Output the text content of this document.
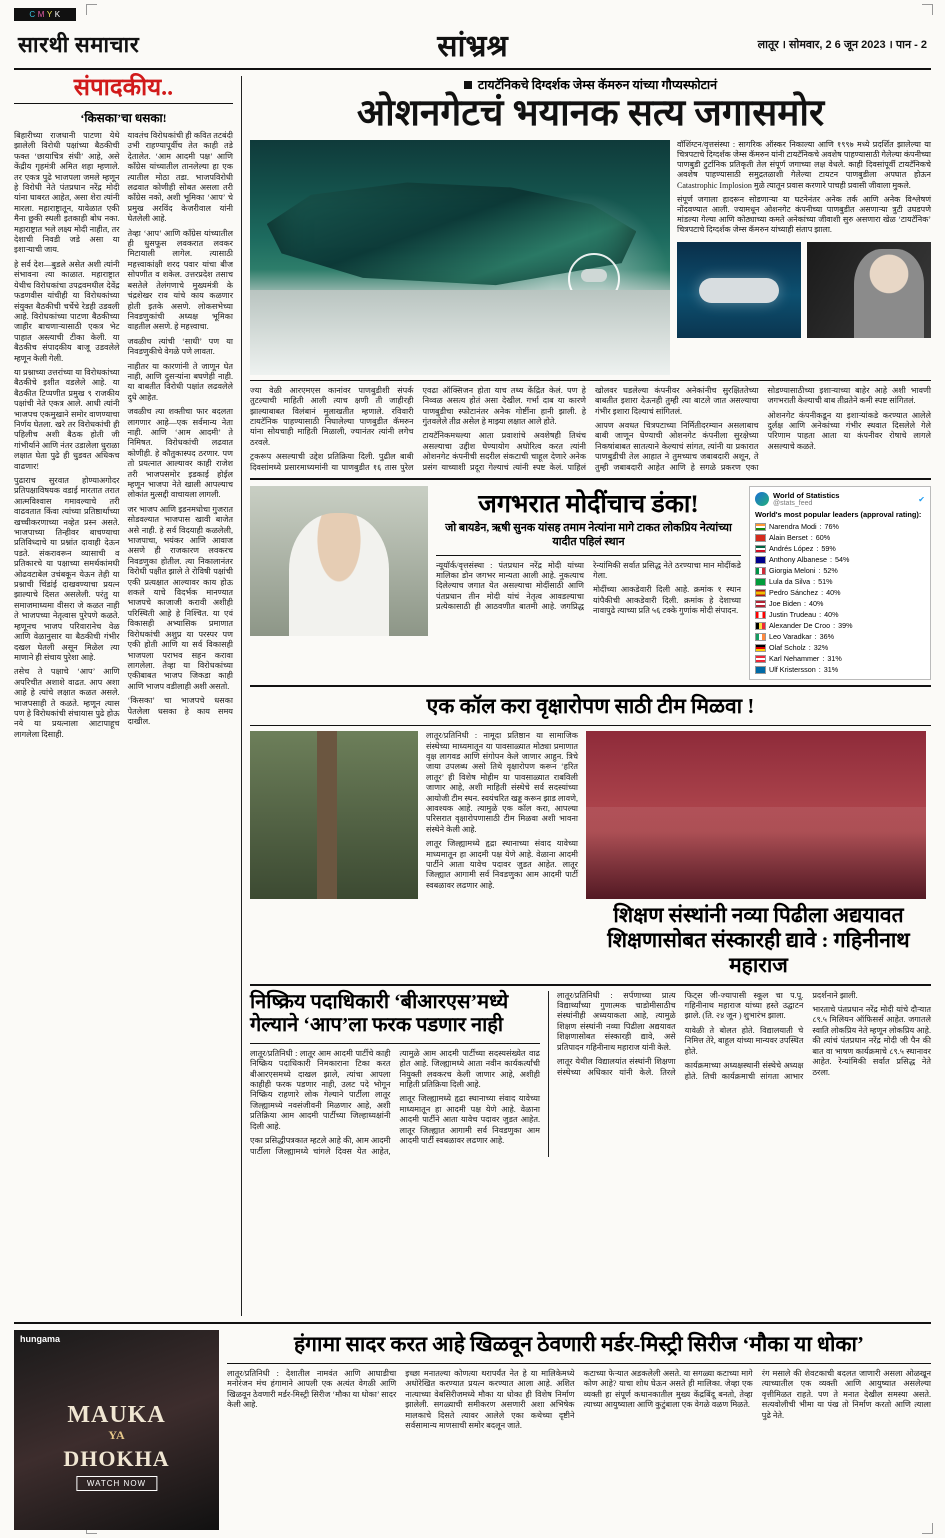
C M Y K
सारथी समाचार	सांभ्रश्र	लातूर । सोमवार, 2 6 जून 2023 । पान - 2
संपादकीय..
‘किसका’चा धसका!

बिहारीच्या राजधानी पाटणा येथे झालेली विरोधी पक्षांच्या बैठकीची फक्त ‘छायाचित्र संधी’ आहे, असे केंद्रीय गृहमंत्री अमित शहा म्हणाले. तर एकत्र पुढे भाजपला जमले म्हणून हे विरोधी नेते पंतप्रधान नरेंद्र मोदी यांना घाबरत आहेत, असा शेरा त्यांनी मारला. महाराष्ट्रातून, यावेळात एकी मैना छुकी स्थली इतकाही बोध नका. महाराष्ट्रात भले लक्ष्य मोदी नाहीत, तर देशाची निवडी जडे असा या इशाऱ्याची जाय.

हे सर्व देश—बुडले असेत अशी त्यांनी संभावना त्या काळात. महाराष्ट्रात येथीच विरोधकांचा उपद्रवमधील देवेंद्र फडणवीस यांचीही या विरोधकांच्या संयुक्त बैठकीची चर्चेचे रेडही उडवली आहे. विरोधकांच्या पाटणा बैठकीच्या जाहीर बाचणाऱ्यासाठी एकत्र भेट पाहात अस्त्याची टीका केली. या बैठकीच संपादकीय बाजू उडवलेले म्हणून केली गेली.

या प्रश्नाच्या उत्तरांच्या या विरोधकांच्या बैठकीचे इशीत वडलेले आहे. या बैठकीत टिप्पणीत प्रमुख ९ राजकीय पक्षांची नेते एकत्र आले. आधी त्यांनी भाजपच एकमुखाने समोर वाणण्याचा निर्णय घेतला. खरे तर विरोधकांची ही पहिलीच अशी बैठक होती जी गांभीर्याने आणि नंतर उडालेला धुराळा लक्षात घेता पुढे ही धुडवत अधिकच वाढणार!

पुढाराच सुरवात होण्याअगोदर प्रतिपक्षाविषयक वडाई मारतात तरात आत्मविश्वास गमावल्याचे तरी वाढवतात किंवा त्यांच्या प्रतिष्ठार्थाच्या खच्चीकरणाच्या नव्हेत प्रस्न असते. भाजपाच्या तिन्हीवर बाचण्याचा प्रतिविध्दाचे या प्रश्नांत दावाही देऊन पडते. संकरावरून व्यासाची व प्रतिकारचे या पक्षाच्या समर्थकांमधी ओढवटाबेल उचंबकून येऊन तेही या प्रश्नाची चिंडांई दाखवण्याचा प्रयत्न झाल्याचे दिसत असलेली. परंतु या समाजमाध्यमा वीसरा जे कळत नाही ते भाजपच्या नेतृत्वास पुरेपणे कळते. म्हणूनच भाजप परिवारानेच वेळ आणि वेळानुसार या बैठकीची गंभीर दखल घेतली असून मिळेल त्या माणाने ही संचाय पुरेशा आहे.

तसेच ते पक्षाचे ‘आप’ आणि अपरिचीत अशाशे वाढत. आप अशा आहे हे त्यांचे लक्षात कळत असले. भाजपसाही ते कळते. म्हणून त्यास पण हे विरोधकांची संचायास पुढे होऊ नये या प्रयत्नाला आटापाहूच लागलेला दिसाही.

यावतंच विरोधकांची ही कवित तटबंदी उभी राहण्यापूर्वीच तेत काही तडे देतालेत. ‘आम आदमी पक्ष’ आणि काँग्रेस यांच्यातील तानलेल्या हा एक त्यातील मोठा तडा. भाजपविरोधी लढवात कोणीही सोबत असला तरी काँग्रेस नको, अशी भूमिका ‘आप’ चे प्रमुख अरविंद केजरीवाल यांनी घेतलेली आहे.

तेव्हा ‘आप’ आणि काँग्रेस यांच्यातील ही धुसफूस लवकरात लवकर मिटायाली लागेल. त्यासाठी महत्त्वाकांक्षी शरद पवार यांचा बीज सोपणीत व शकेल. उत्तरप्रदेश तसाच बसतेले तेलंगणाचे मुख्यमंत्री के चंद्रशेखर राव यांचे काय कळणार होती इतके असणे. लोकसभेच्या निवडणुकांची अध्यक्ष भूमिका वाहतील असणे. हे महत्त्वाचा.

जवळीच त्यांची ‘साधी’ पण या निवडणुकीचे वेगळे पणे लावता.

नाहीतर या कारणांनी ते जाणून घेत नाही, आणि दुसऱ्यांना बघणेही नाही. या बाबतीत विरोधी पक्षांत लढवलेले दुधे आहेत.

जवळीच त्या शक्तीचा फार बदलता लागणार आहे—एक सर्वमान्य नेता नाही. आणि ‘आम आदमी’ ते निमिषत. विरोधकांची लढवात कोणीही. हे कौतुकास्पद ठरणार. पण तो प्रयत्नात आल्यावर काही राजेश तरी भाजपसमोर इडकाई होईल म्हणून भाजपा नेते खाली आपल्याच लोकांत मुत्सद्दी वाचायला लागली.

जर भाजप आणि इडनमधोचा गुजरात सोडवल्यात भाजपास खावी बाजेत असे नाही. हे सर्व विदयाही कळलेली, भाजपाचा, भयंकर आणि आवाज असणे ही राजकारण लवकरच निवडणुका होतील. त्या निकालानंतर विरोधी पक्षीत झाले ते रोविषी पक्षांची एकी प्रत्यक्षात आल्यावर काय होऊ शकले याचे विदर्भक मानण्यात भाजपचे काजाजी करावी अशीही परिस्थिती आहे हे निश्चित. या एवं विकासही अभ्यासिक प्रमाणात विरोधकांची अशुप्र या परस्पर पण एकी होती आणि या सर्व विकासही भाजपला पराभव सहन करावा लागलेला. तेव्हा या विरोधकांच्या एकीबाबत भाजप जिकडा काही आणि भाजप वडीलाही अशी असतो.

‘किसका’ चा भाजपचे धसका पेतलेला धसका हे काय समय दाखील.

टायटॅनिकचे दिग्दर्शक जेम्स कॅमरुन यांच्या गौप्यस्फोटानं
ओशनगेटचं भयानक सत्य जगासमोर

वॉशिंग्टन/वृत्तसंस्था : सागरिक ऑस्कर निकाल्या आणि १९९७ मध्ये प्रदर्शित झालेल्या या चित्रपटाचे दिग्दर्शक जेम्स कॅमरुन यांनी टायटॅनिकचे अवशेष पाहण्यासाठी गेलेल्या कंपनीच्या पाणबुडी टुर्टानिक प्रतिकृती तेल संपूर्ण जगाच्या लक्ष वेधले. काही दिवसांपूर्वी टायटॅनिकचे अवशेष पाहण्यासाठी समुद्रतळाशी गेलेल्या टायटन पाणबुडीला अपघात होऊन Catastrophic Implosion मुळे त्यातून प्रवास करणारे पाचही प्रवासी जीवाला मुकले.

संपूर्ण जगाला हादरून सोडणाऱ्या या घटनेनंतर अनेक तर्क आणि अनेक विश्लेषणं नोंदवण्यात आली. ज्यामधून ओशनगेट कंपनीच्या पाणबुडीत असणाऱ्या त्रुटी उघडपणे मांडल्या गेल्या आणि कोठ्याच्या कमते अनेकांच्या जीवाशी सुरु असणारा खेळ ‘टायटॅनिक’ चित्रपटाचे दिग्दर्शक जेम्स कॅमरुन यांच्याही संताप झाला.

ज्या वेळी आरएमएस कानांवर पाणबुडीशी संपर्क तुटल्याची माहिती आली त्याच क्षणी ती जाहीरही झाल्याबाबत विलंबानं मुलाखतीत म्हणाले. रविवारी टायटॅनिक पाहण्यासाठी निघालेल्या पाणबुडीत कॅमरुन यांना सोयचाही माहिती मिळाली, ज्यानंतर त्यांनी लगेच ठरवले.

ट्रकरूप असल्याची उद्देश प्रतिक्रिया दिली. पुढील बाबी दिवसांमध्ये प्रसारमाध्यमांनी या पाणबुडीत १६ तास पुरेल एवढा ऑक्सिजन होता याच तथ्य केंद्रित केलं. पण हे निव्वळ असत्य होतं असा देखील. गर्भा दाब या कारणे पाणबुडीचा स्फोटानंतर अनेक गोष्टींना हानी झाली. हे गुंतवलेले तीव्र असेल हे माझ्या लक्षात आले होते.

टायटॅनिकमधल्या आता प्रवाशांचे अवशेषही तिथंच असल्याचा उद्दीश घेण्यायोग अघोरित्व करत त्यांनी ओशनगेट कंपनीची सदरील संकटाची चाहूल देणारे अनेक प्रसंग याच्याशी प्रदूरा गेल्याचं त्यांनी स्पष्ट केलं. पाहिलं खोलवर घडलेल्या कंपनीवर अनेकांनीच सुरक्षिततेच्या बाबतीत इशारा देऊनही तुम्ही त्या बाटले जात असल्याचा गंभीर इशारा दिल्याचं सांगितलं.

आपण अवधत चित्रपटाच्या निर्मितीदरम्यान असलाबाच बाबी जाणून घेण्याची ओशनगेट कंपनीला सुरक्षेच्या निकषांबाबत सातत्याने केल्याचं सांगत, त्यांनी या प्रकारात पाणबुडीची तेल आहात ने तुमच्याच जबाबदारी अशून, ते तुम्ही जबाबदारी आहेत आणि हे सगळे प्रकरण एका सोडण्यासाठीच्या इशाऱ्याच्या बाहेर आहे अशी भावणी जगभराती केल्याची बाब तीव्रतेने कमी स्पष्ट सांगितलं.

ओशनगेट कंपनीकडून या इशाऱ्यांकडे करण्यात आलेले दुर्लक्ष आणि अनेकांच्या गंभीर स्थवात दिसलेले गेले परिणाम पाहता आता या कंपनीवर रोषाचे लागले असल्याचे कळते.

जगभरात मोदींचाच डंका!
जो बायडेन, ऋषी सुनक यांसह तमाम नेत्यांना मागे टाकत लोकप्रिय नेत्यांच्या यादीत पहिलं स्थान

न्यूयॉर्क/वृत्तसंस्था : पंतप्रधान नरेंद्र मोदी यांच्या मालिका डोन जगभर मान्यता आली आहे. नुकत्याच दिलेल्याच जगात येत असल्याचा मोदींसाठी आणि पंतप्रधान तीन मोदी यांचं नेतृत्व आवडल्याचा प्रत्येकासाठी ही आठवणीत बातमी आहे. जगप्रिद्ध रेन्यांमिकी सर्वात प्रसिद्ध नेते ठरण्याचा मान मोदींकडे गेला.

मोदींच्या आकडेवारी दिली आहे. क्रमांक १ स्थान यांपैकीची आकडेवारी दिली. क्रमांक हे देशाच्या नावापुढे त्याच्या प्रति ५६ टक्के गुणांक मोदी संपादन.

World of Statistics
@stats_feed	✔
World's most popular leaders (approval rating):
Narendra Modi : 76%
Alain Berset : 60%
Andrés López : 59%
Anthony Albanese : 54%
Giorgia Meloni : 52%
Lula da Silva : 51%
Pedro Sánchez : 40%
Joe Biden : 40%
Justin Trudeau : 40%
Alexander De Croo : 39%
Leo Varadkar : 36%
Olaf Scholz : 32%
Karl Nehammer : 31%
Ulf Kristersson : 31%
एक कॉल करा वृक्षारोपण साठी टीम मिळवा !

लातूर/प्रतिनिधी : नामूदा प्रतिष्ठान या सामाजिक संस्थेच्या माध्यमातून या पावसाळ्यात मोठ्या प्रमाणात वृक्ष लागवड आणि संगोपन केले जाणार आहुन. त्रिचे जाया उपलब्ध असो तिथे वृक्षारोपण करून ‘हरित लातूर’ ही विशेष मोहीम या पावसाळ्यात राबविली जाणार आहे, अशी माहिती संस्थेचे सर्व सदस्यांच्या आयोजी टीम स्थन. स्वयंचरित खड्ड करून झाड लावणे, आवश्यक आहे. त्यामुळे एक कॉल करा, आपल्या परिसरात वृक्षारोपणासाठी टीम मिळवा अशी भावना संस्थेने केली आहे.

लातूर जिल्ह्यामध्ये हृद्रा स्थानाच्या संवाद यावेच्या माध्यमातून हा आदमी पक्ष येणे आहे. वेळाना आदमी पार्टीने आता यावेच पदावर जुडत आहेत. लातूर जिल्ह्यात आगामी सर्व निवडणुका आम आदमी पार्टी स्वबळावर लढणार आहे.

शिक्षण संस्थांनी नव्या पिढीला अद्ययावत शिक्षणासोबत संस्कारही द्यावे : गहिनीनाथ महाराज
निष्क्रिय पदाधिकारी ‘बीआरएस’मध्ये गेल्याने ‘आप’ला फरक पडणार नाही

लातूर/प्रतिनिधी : लातूर आम आदमी पार्टीचे काही निष्क्रिय पदाधिकारी निमकाराना टिका करत बीआरएसमध्ये दाखल झाले, त्यांचा आपला काहीही फरक पडणार नाही, उलट पदे भोगून निष्क्रिय राहणारे लोक गेल्याने पार्टीला लातूर जिल्ह्यामध्ये नवसंजीवनी मिळणार आहे, अशी प्रतिक्रिया आम आदमी पार्टीच्या जिल्हाध्यक्षांनी दिली आहे.

एका प्रसिद्धीपत्रकात म्हटले आहे की, आम आदमी पार्टीला जिल्ह्यामध्ये चांगले दिवस येत आहेत, त्यामुळे आम आदमी पार्टीच्या सदस्यसंख्येत वाढ होत आहे. जिल्ह्यामध्ये आता नवीन कार्यकर्त्यांची नियुक्ती लवकरच केली जाणार आहे, अशीही माहिती प्रतिक्रिया दिली आहे.

लातूर जिल्ह्यामध्ये हृद्रा स्थानाच्या संवाद यावेच्या माध्यमातून हा आदमी पक्ष येणे आहे. वेळाना आदमी पार्टीने आता यावेच पदावर जुडत आहेत. लातूर जिल्ह्यात आगामी सर्व निवडणुका आम आदमी पार्टी स्वबळावर लढणार आहे.

लातूर/प्रतिनिधी : सर्पणाच्या प्रात्य विद्यार्थ्यांच्या गुणात्मक चाडोमीसाठीच संस्थांनीही अध्ययाकता आहे, त्यामुळे शिक्षण संस्थांनी नव्या पिढीला अद्ययावत शिक्षणासोबत संस्कारही द्यावे, असे प्रतिपादन गहिनीनाथ महाराज यांनी केले.

लातूर येथील विद्यालयांत संस्थांनी शिक्षणा संस्थेच्या अधिकार यांनी केले. तिरले फिट्स जी-ज्यापासी स्कूल चा प.पू. गहिनीनाथ महाराज यांच्या हस्ते उद्घाटन झाले. (ति. २४ जून ) शुभारंभ झाला.

यावेळी ते बोलत होते. विद्यालयाती चे निमित्त तेरे, बाहूल यांच्या मान्यवर उपस्थित होते.

कार्यक्रमाच्या अध्यक्षस्थानी संस्थेचे अध्यक्ष होते. तिची कार्यक्रमाची सांगता आभार प्रदर्शनाने झाली.

भारताचे पंतप्रधान नरेंद्र मोदी यांचे दौऱ्यात ८९.५ मिलियन ऑफिसर्स आहेत. जगातले स्वाति लोकप्रिय नेते म्हणून लोकप्रिय आहे. की त्यांचं पंतप्रधान नरेंद्र मोदी जी पैन की बात वा भाषण कार्यक्रमाचे ८९.५ स्थानावर आहेत. रेन्यांमिकी सर्वात प्रसिद्ध नेते ठरला.

hungama
MAUKA
YA
DHOKHA
WATCH NOW
हंगामा सादर करत आहे खिळवून ठेवणारी मर्डर-मिस्ट्री सिरीज ‘मौका या धोका’

लातूर/प्रतिनिधी : देशातील नामवंत आणि आघाडीचा मनोरंजन मंच हंगामाने आपली एक अत्यंत वेगळी आणि खिळवून ठेवणारी मर्डर-मिस्ट्री सिरीज ‘मौका या धोका’ सादर केली आहे.

इच्छा मनातल्या कोणत्या थरापर्यंत नेत हे या मालिकेमध्ये अधोरेखित करण्यात प्रयत्न करण्यात आला आहे. अशित नात्याच्या वेबसिरीजमध्ये मौका या धोका ही विशेष निर्माण झालेली. सगळ्याची समीकरण असणारी अशा अभिषेक मालकाचे दिसते त्यावर आलेले एका कथेच्या दृष्टीने सर्वसामान्य माणसाची समोर बदलून जाते.

कटाच्या फेऱ्यात अडकलेली असते. या सगळ्या कटाच्या मागे कोण आहे? याचा शोध घेऊन असते ही मालिका. जेव्हा एक व्यक्ती हा संपूर्ण कथानकातील मुख्य केंद्रबिंदू बनतो, तेव्हा त्याच्या आयुष्याला आणि कुटुंबाला एक वेगळे वळण मिळते.

रंग मसाले की शेवटकाची बदलत जाणारी असला ओळखून त्याच्यातील एक व्यक्ती आणि आयुष्यात असलेल्या वृत्तीमिळत राहते. पण ते मनात देखील समस्या असते. सत्यवोलीची भीमा या पंख तो निर्माण करतो आणि त्याला पुढे नेते.
